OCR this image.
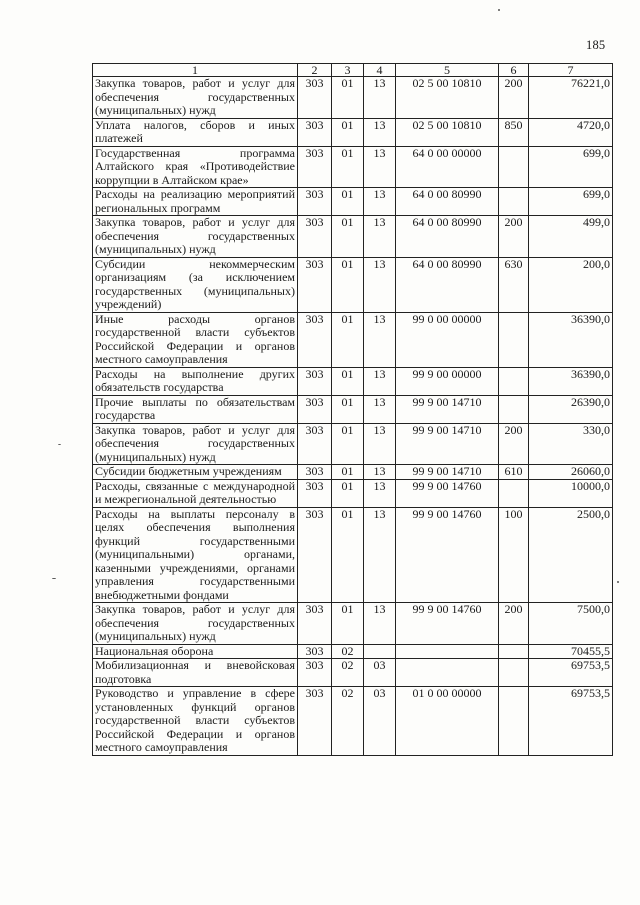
185
1	2	3	4	5	6	7
Закупка товаров, работ и услуг для обеспечения государственных (муниципальных) нужд	303	01	13	02 5 00 10810	200	76221,0
Уплата налогов, сборов и иных платежей	303	01	13	02 5 00 10810	850	4720,0
Государственная программа Алтайского края «Противодействие коррупции в Алтайском крае»	303	01	13	64 0 00 00000		699,0
Расходы на реализацию мероприятий региональных программ	303	01	13	64 0 00 80990		699,0
Закупка товаров, работ и услуг для обеспечения государственных (муниципальных) нужд	303	01	13	64 0 00 80990	200	499,0
Субсидии некоммерческим организациям (за исключением государственных (муниципальных) учреждений)	303	01	13	64 0 00 80990	630	200,0
Иные расходы органов государственной власти субъектов Российской Федерации и органов местного самоуправления	303	01	13	99 0 00 00000		36390,0
Расходы на выполнение других обязательств государства	303	01	13	99 9 00 00000		36390,0
Прочие выплаты по обязательствам государства	303	01	13	99 9 00 14710		26390,0
Закупка товаров, работ и услуг для обеспечения государственных (муниципальных) нужд	303	01	13	99 9 00 14710	200	330,0
Субсидии бюджетным учреждениям	303	01	13	99 9 00 14710	610	26060,0
Расходы, связанные с международной и межрегиональной деятельностью	303	01	13	99 9 00 14760		10000,0
Расходы на выплаты персоналу в целях обеспечения выполнения функций государственными (муниципальными) органами, казенными учреждениями, органами управления государственными внебюджетными фондами	303	01	13	99 9 00 14760	100	2500,0
Закупка товаров, работ и услуг для обеспечения государственных (муниципальных) нужд	303	01	13	99 9 00 14760	200	7500,0
Национальная оборона	303	02				70455,5
Мобилизационная и вневойсковая подготовка	303	02	03			69753,5
Руководство и управление в сфере установленных функций органов государственной власти субъектов Российской Федерации и органов местного самоуправления	303	02	03	01 0 00 00000		69753,5
